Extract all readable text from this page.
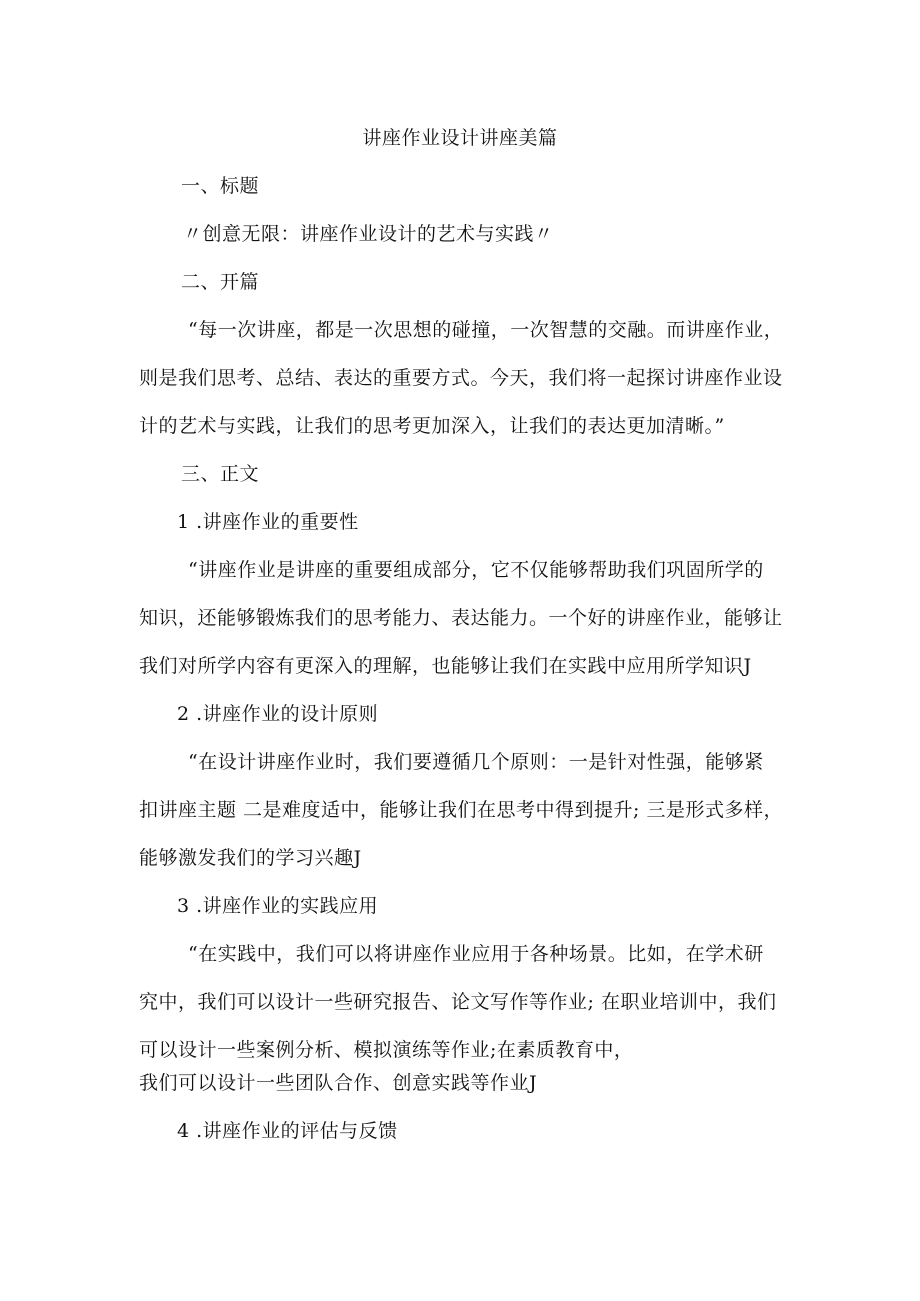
讲座作业设计讲座美篇
一、标题
〃创意无限：讲座作业设计的艺术与实践〃
二、开篇
“每一次讲座，都是一次思想的碰撞，一次智慧的交融。而讲座作业，
则是我们思考、总结、表达的重要方式。今天，我们将一起探讨讲座作业设
计的艺术与实践，让我们的思考更加深入，让我们的表达更加清晰。”
三、正文
1 .讲座作业的重要性
“讲座作业是讲座的重要组成部分，它不仅能够帮助我们巩固所学的
知识，还能够锻炼我们的思考能力、表达能力。一个好的讲座作业，能够让
我们对所学内容有更深入的理解，也能够让我们在实践中应用所学知识J
2 .讲座作业的设计原则
“在设计讲座作业时，我们要遵循几个原则：一是针对性强，能够紧
扣讲座主题 二是难度适中，能够让我们在思考中得到提升; 三是形式多样，
能够激发我们的学习兴趣J
3 .讲座作业的实践应用
“在实践中，我们可以将讲座作业应用于各种场景。比如，在学术研
究中，我们可以设计一些研究报告、论文写作等作业; 在职业培训中，我们
可以设计一些案例分析、模拟演练等作业;在素质教育中，
我们可以设计一些团队合作、创意实践等作业J
4 .讲座作业的评估与反馈
